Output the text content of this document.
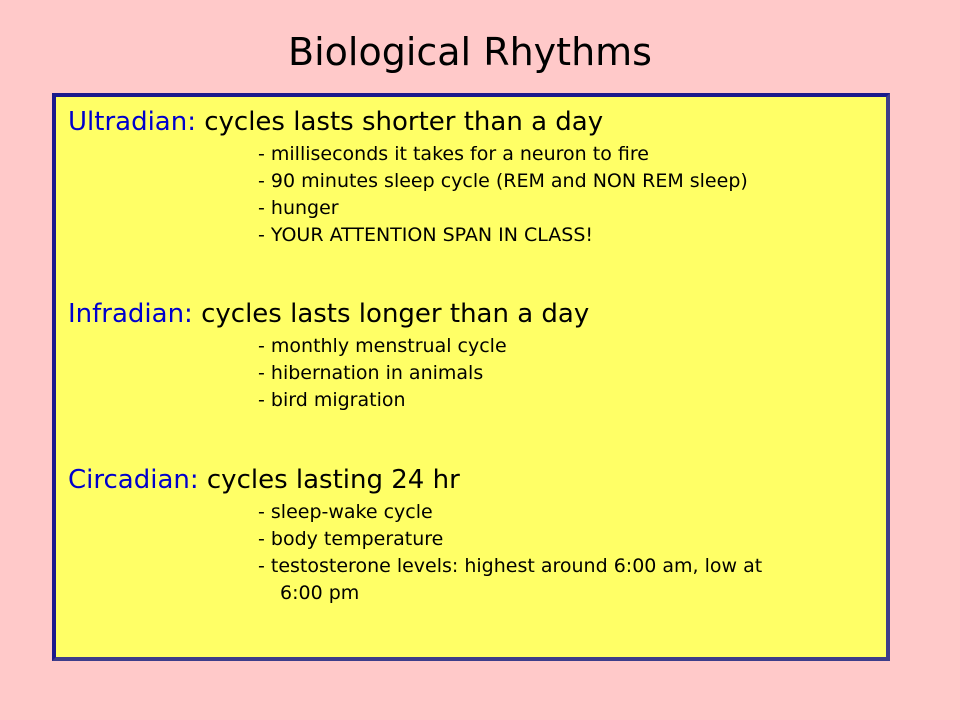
Biological Rhythms
Ultradian: cycles lasts shorter than a day
- milliseconds it takes for a neuron to fire
- 90 minutes sleep cycle (REM and NON REM sleep)
- hunger
- YOUR ATTENTION SPAN IN CLASS!
Infradian: cycles lasts longer than a day
- monthly menstrual cycle
- hibernation in animals
- bird migration
Circadian: cycles lasting 24 hr
- sleep-wake cycle
- body temperature
- testosterone levels: highest around 6:00 am, low at
6:00 pm
